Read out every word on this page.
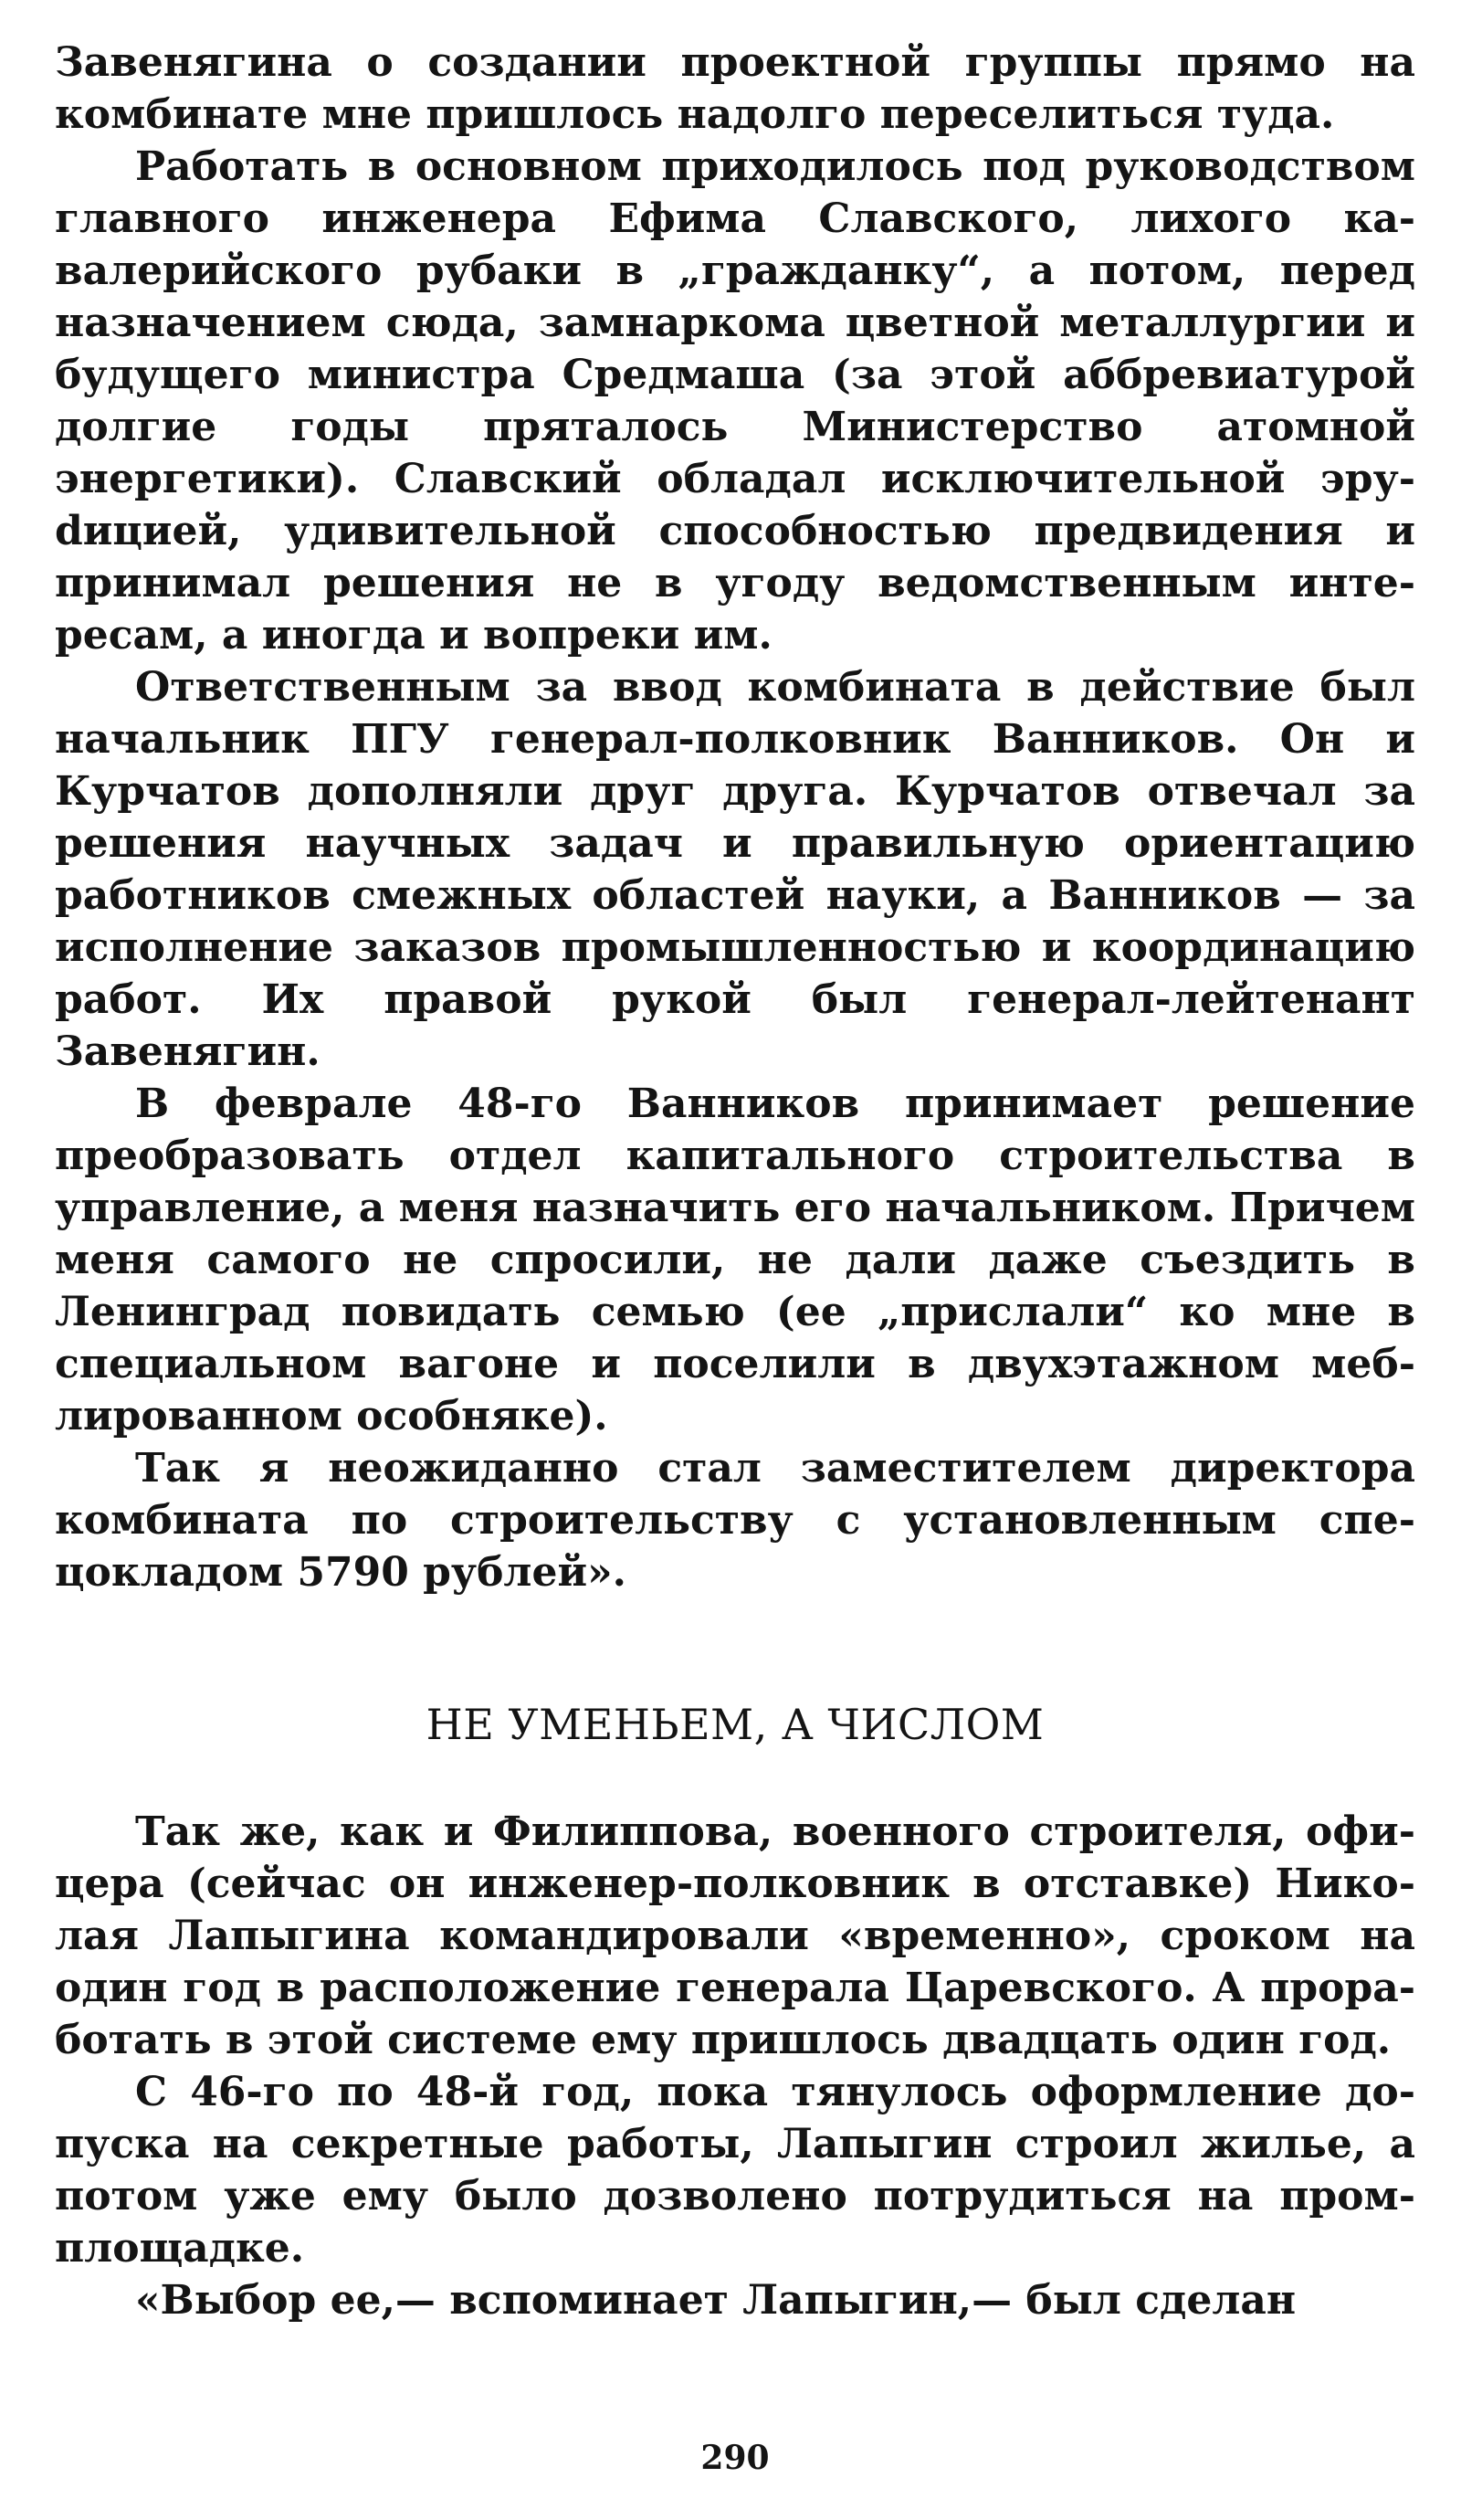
Завенягина о создании проектной группы прямо на комбинате мне пришлось надолго переселиться туда.

Работать в основном приходилось под руководством главного инженера Ефима Славского, лихого кавалерийского рубаки в „гражданку“, а потом, перед назначением сюда, замнаркома цветной металлургии и будущего министра Средмаша (за этой аббревиатурой долгие годы пряталось Министерство атомной энергетики). Славский обладал исключительной эруdицией, удивительной способностью предвидения и принимал решения не в угоду ведомственным интересам, а иногда и вопреки им.

Ответственным за ввод комбината в действие был начальник ПГУ генерал-полковник Ванников. Он и Курчатов дополняли друг друга. Курчатов отвечал за решения научных задач и правильную ориентацию работников смежных областей науки, а Ванников — за исполнение заказов промышленностью и координацию работ. Их правой рукой был генерал-лейтенант Завенягин.

В феврале 48-го Ванников принимает решение преобразовать отдел капитального строительства в управление, а меня назначить его начальником. Причем меня самого не спросили, не дали даже съездить в Ленинград повидать семью (ее „прислали“ ко мне в специальном вагоне и поселили в двухэтажном меблированном особняке).

Так я неожиданно стал заместителем директора комбината по строительству с установленным спецокладом 5790 рублей».

НЕ УМЕНЬЕМ, А ЧИСЛОМ

Так же, как и Филиппова, военного строителя, офицера (сейчас он инженер-полковник в отставке) Николая Лапыгина командировали «временно», сроком на один год в расположение генерала Царевского. А проработать в этой системе ему пришлось двадцать один год.

С 46-го по 48-й год, пока тянулось оформление допуска на секретные работы, Лапыгин строил жилье, а потом уже ему было дозволено потрудиться на промплощадке.

«Выбор ее,— вспоминает Лапыгин,— был сделан

290
